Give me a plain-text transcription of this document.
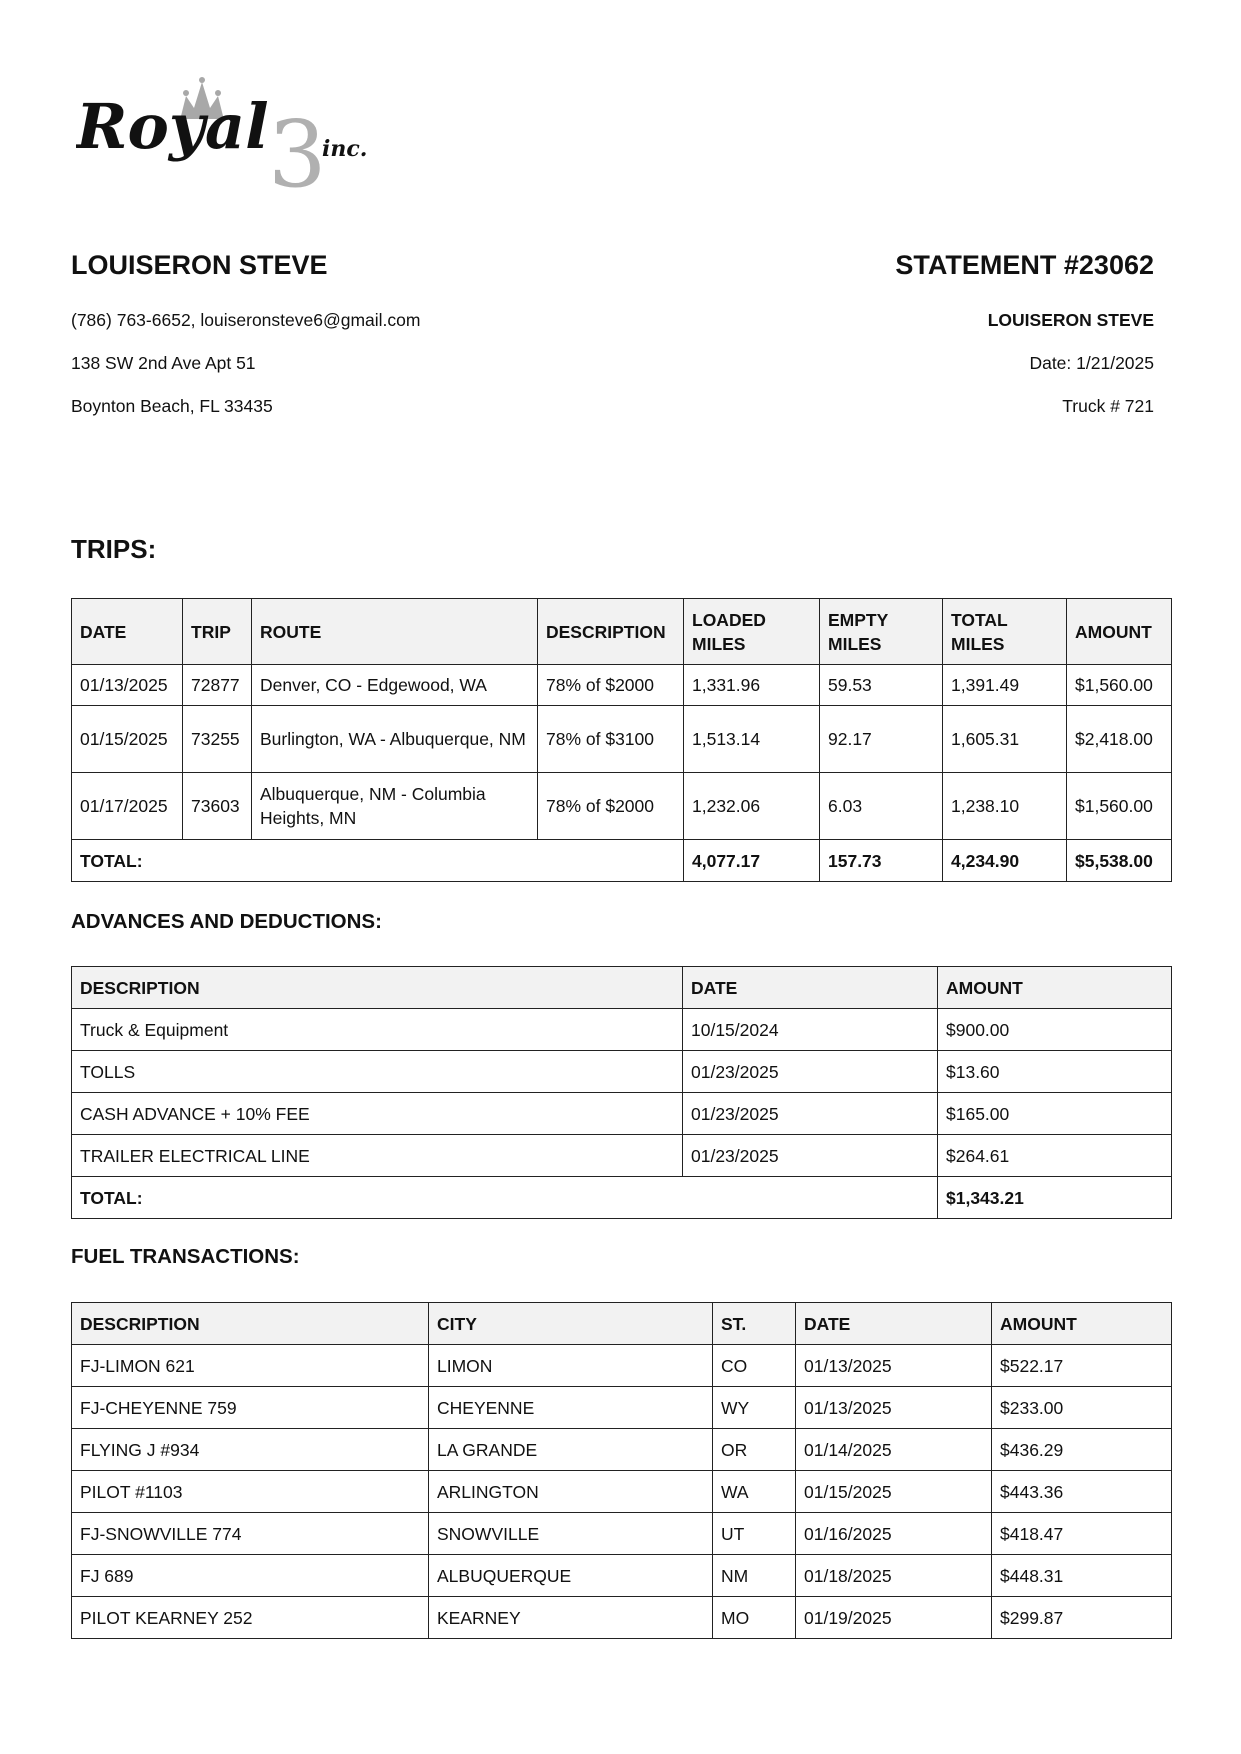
3
Royal inc.
LOUISERON STEVE

(786) 763-6652, louiseronsteve6@gmail.com

138 SW 2nd Ave Apt 51

Boynton Beach, FL 33435

STATEMENT #23062

LOUISERON STEVE

Date: 1/21/2025

Truck # 721

TRIPS:
DATE	TRIP	ROUTE	DESCRIPTION	LOADED MILES	EMPTY MILES	TOTAL MILES	AMOUNT
01/13/2025	72877	Denver, CO - Edgewood, WA	78% of $2000	1,331.96	59.53	1,391.49	$1,560.00
01/15/2025	73255	Burlington, WA - Albuquerque, NM	78% of $3100	1,513.14	92.17	1,605.31	$2,418.00
01/17/2025	73603	Albuquerque, NM - Columbia Heights, MN	78% of $2000	1,232.06	6.03	1,238.10	$1,560.00
TOTAL:				4,077.17	157.73	4,234.90	$5,538.00
ADVANCES AND DEDUCTIONS:
DESCRIPTION	DATE	AMOUNT
Truck & Equipment	10/15/2024	$900.00
TOLLS	01/23/2025	$13.60
CASH ADVANCE + 10% FEE	01/23/2025	$165.00
TRAILER ELECTRICAL LINE	01/23/2025	$264.61
TOTAL:		$1,343.21
FUEL TRANSACTIONS:
DESCRIPTION	CITY	ST.	DATE	AMOUNT
FJ-LIMON 621	LIMON	CO	01/13/2025	$522.17
FJ-CHEYENNE 759	CHEYENNE	WY	01/13/2025	$233.00
FLYING J #934	LA GRANDE	OR	01/14/2025	$436.29
PILOT #1103	ARLINGTON	WA	01/15/2025	$443.36
FJ-SNOWVILLE 774	SNOWVILLE	UT	01/16/2025	$418.47
FJ 689	ALBUQUERQUE	NM	01/18/2025	$448.31
PILOT KEARNEY 252	KEARNEY	MO	01/19/2025	$299.87
